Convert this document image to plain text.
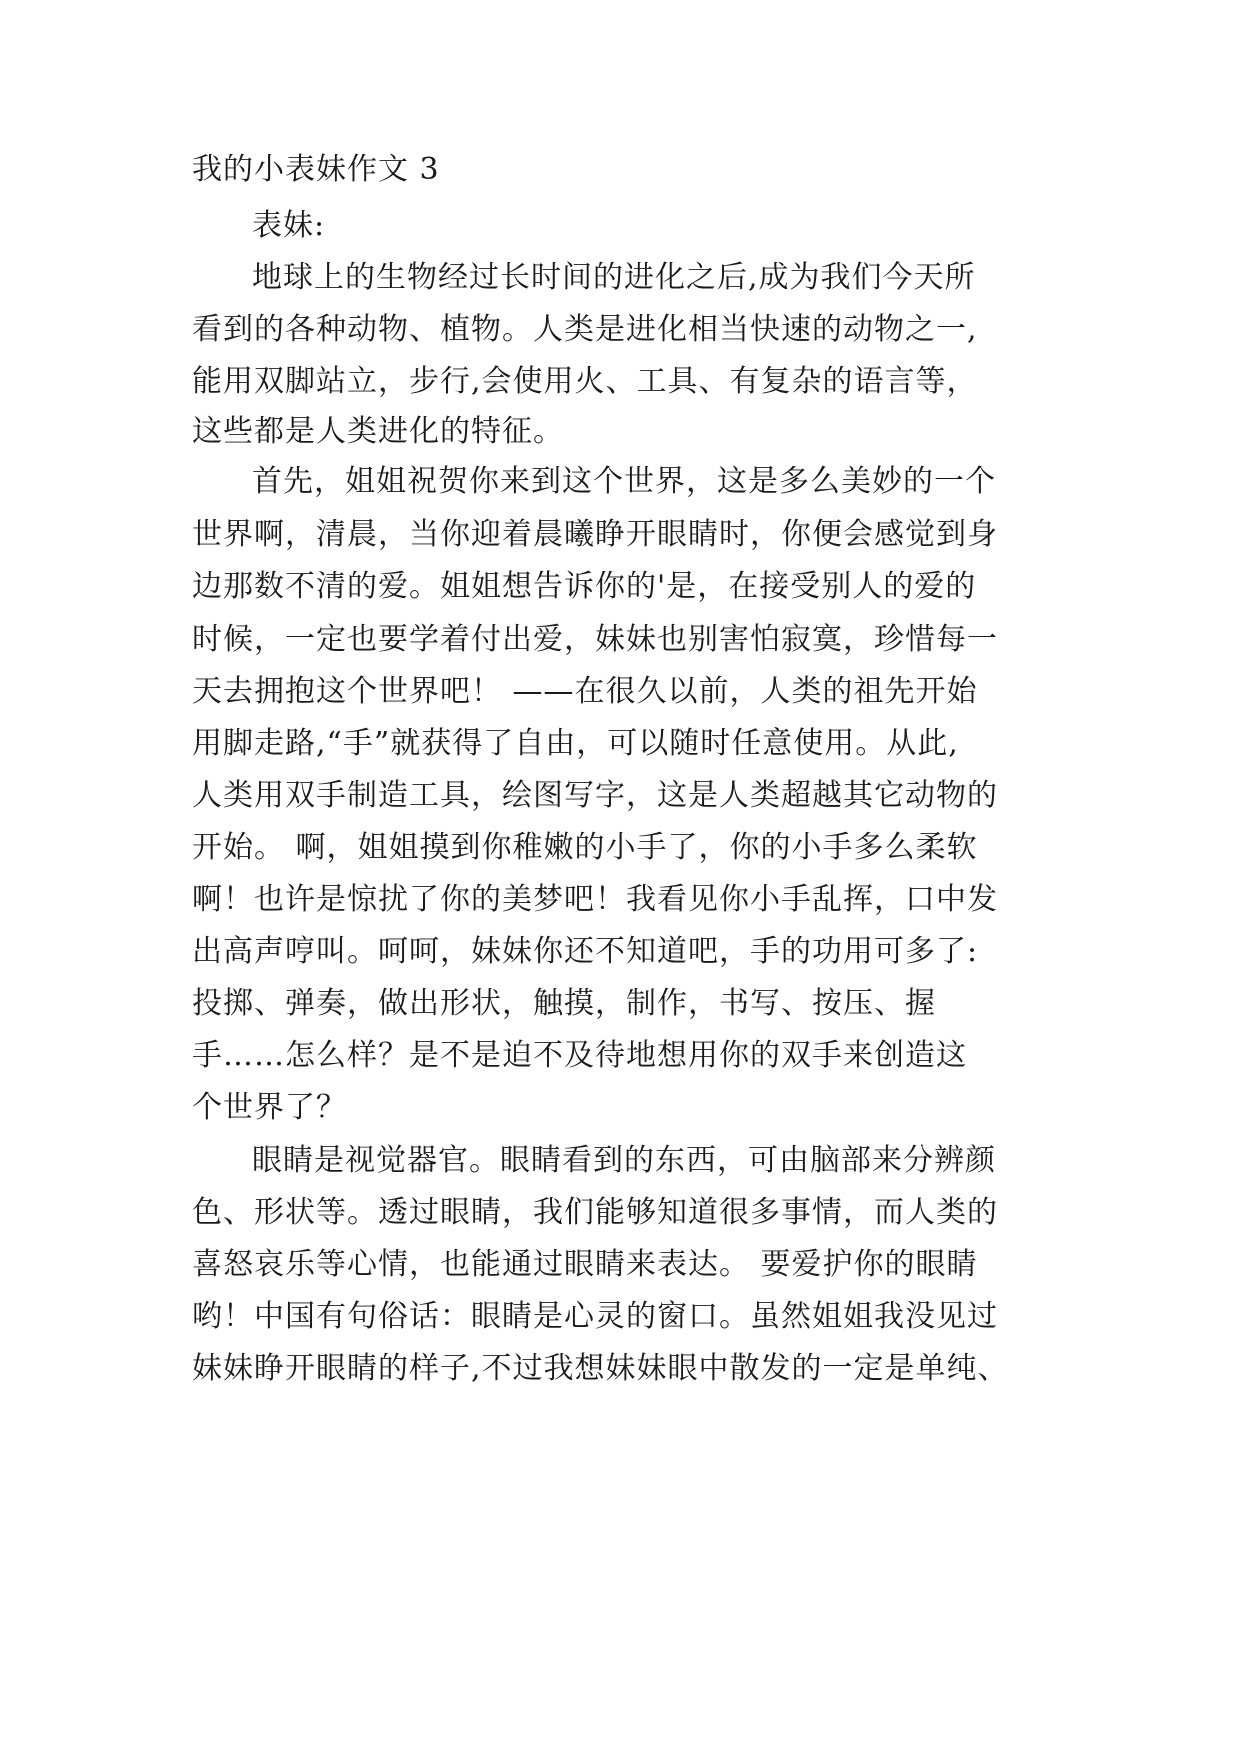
我的小表妹作文 3
表妹:
地球上的生物经过长时间的进化之后,成为我们今天所
看到的各种动物、植物。人类是进化相当快速的动物之一,
能用双脚站立，步行,会使用火、工具、有复杂的语言等，
这些都是人类进化的特征。
首先，姐姐祝贺你来到这个世界，这是多么美妙的一个
世界啊，清晨，当你迎着晨曦睁开眼睛时，你便会感觉到身
边那数不清的爱。姐姐想告诉你的'是，在接受别人的爱的
时候，一定也要学着付出爱，妹妹也别害怕寂寞，珍惜每一
天去拥抱这个世界吧！ ——在很久以前，人类的祖先开始
用脚走路,“手”就获得了自由，可以随时任意使用。从此,
人类用双手制造工具，绘图写字，这是人类超越其它动物的
开始。 啊，姐姐摸到你稚嫩的小手了，你的小手多么柔软
啊！也许是惊扰了你的美梦吧！我看见你小手乱挥，口中发
出高声哼叫。呵呵，妹妹你还不知道吧，手的功用可多了:
投掷、弹奏，做出形状，触摸，制作，书写、按压、握
手……怎么样？是不是迫不及待地想用你的双手来创造这
个世界了？
眼睛是视觉器官。眼睛看到的东西，可由脑部来分辨颜
色、形状等。透过眼睛，我们能够知道很多事情，而人类的
喜怒哀乐等心情，也能通过眼睛来表达。 要爱护你的眼睛
哟！中国有句俗话：眼睛是心灵的窗口。虽然姐姐我没见过
妹妹睁开眼睛的样子,不过我想妹妹眼中散发的一定是单纯、
